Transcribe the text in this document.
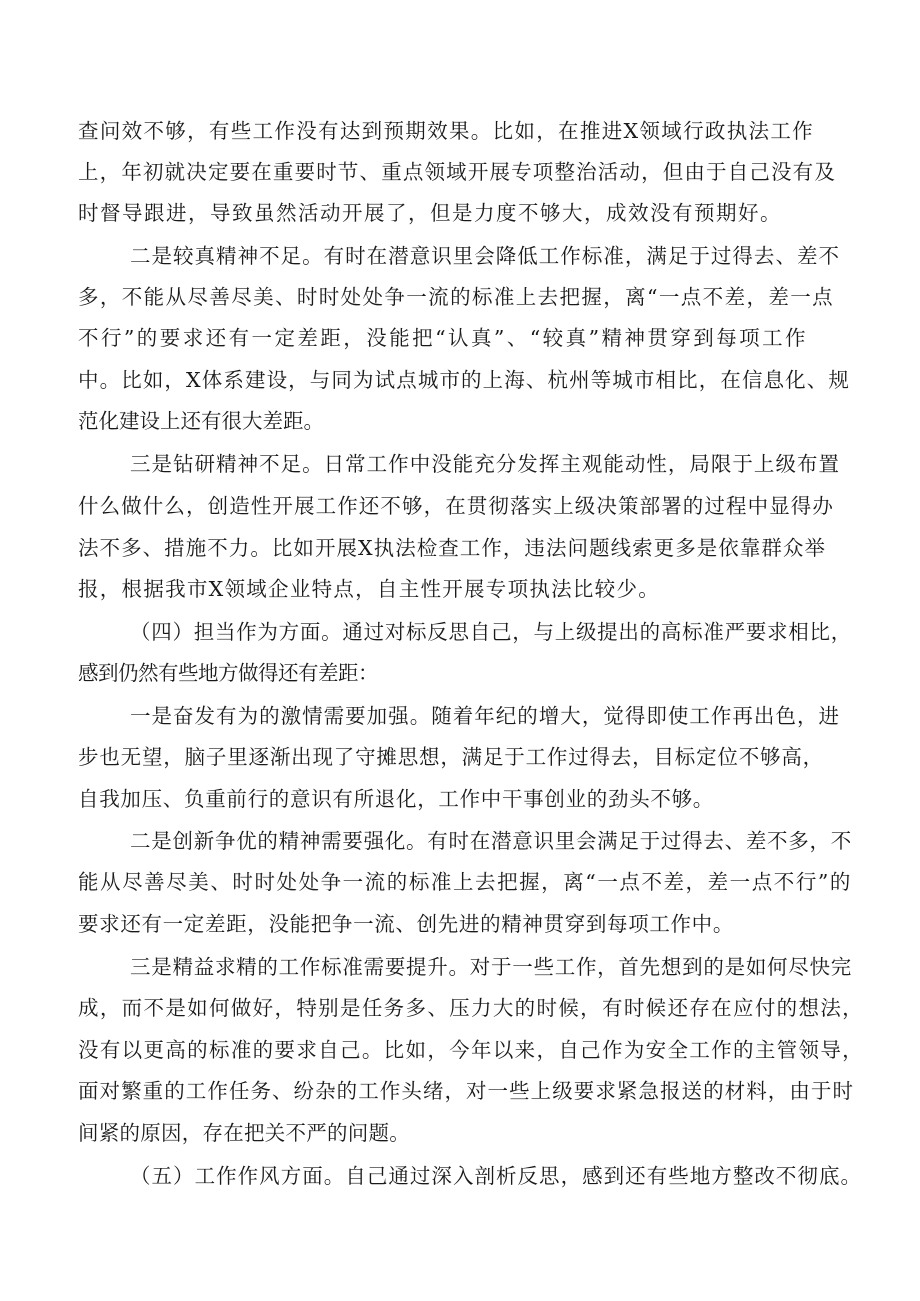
查问效不够，有些工作没有达到预期效果。比如，在推进X领域行政执法工作
上，年初就决定要在重要时节、重点领域开展专项整治活动，但由于自己没有及
时督导跟进，导致虽然活动开展了，但是力度不够大，成效没有预期好。
二是较真精神不足。有时在潜意识里会降低工作标准，满足于过得去、差不
多，不能从尽善尽美、时时处处争一流的标准上去把握，离“一点不差，差一点
不行”的要求还有一定差距，没能把“认真”、“较真”精神贯穿到每项工作
中。比如，X体系建设，与同为试点城市的上海、杭州等城市相比，在信息化、规
范化建设上还有很大差距。
三是钻研精神不足。日常工作中没能充分发挥主观能动性，局限于上级布置
什么做什么，创造性开展工作还不够，在贯彻落实上级决策部署的过程中显得办
法不多、措施不力。比如开展X执法检查工作，违法问题线索更多是依靠群众举
报，根据我市X领域企业特点，自主性开展专项执法比较少。
（四）担当作为方面。通过对标反思自己，与上级提出的高标准严要求相比，
感到仍然有些地方做得还有差距：
一是奋发有为的激情需要加强。随着年纪的增大，觉得即使工作再出色，进
步也无望，脑子里逐渐出现了守摊思想，满足于工作过得去，目标定位不够高，
自我加压、负重前行的意识有所退化，工作中干事创业的劲头不够。
二是创新争优的精神需要强化。有时在潜意识里会满足于过得去、差不多，不
能从尽善尽美、时时处处争一流的标准上去把握，离“一点不差，差一点不行”的
要求还有一定差距，没能把争一流、创先进的精神贯穿到每项工作中。
三是精益求精的工作标准需要提升。对于一些工作，首先想到的是如何尽快完
成，而不是如何做好，特别是任务多、压力大的时候，有时候还存在应付的想法，
没有以更高的标准的要求自己。比如，今年以来，自己作为安全工作的主管领导，
面对繁重的工作任务、纷杂的工作头绪，对一些上级要求紧急报送的材料，由于时
间紧的原因，存在把关不严的问题。
（五）工作作风方面。自己通过深入剖析反思，感到还有些地方整改不彻底。
